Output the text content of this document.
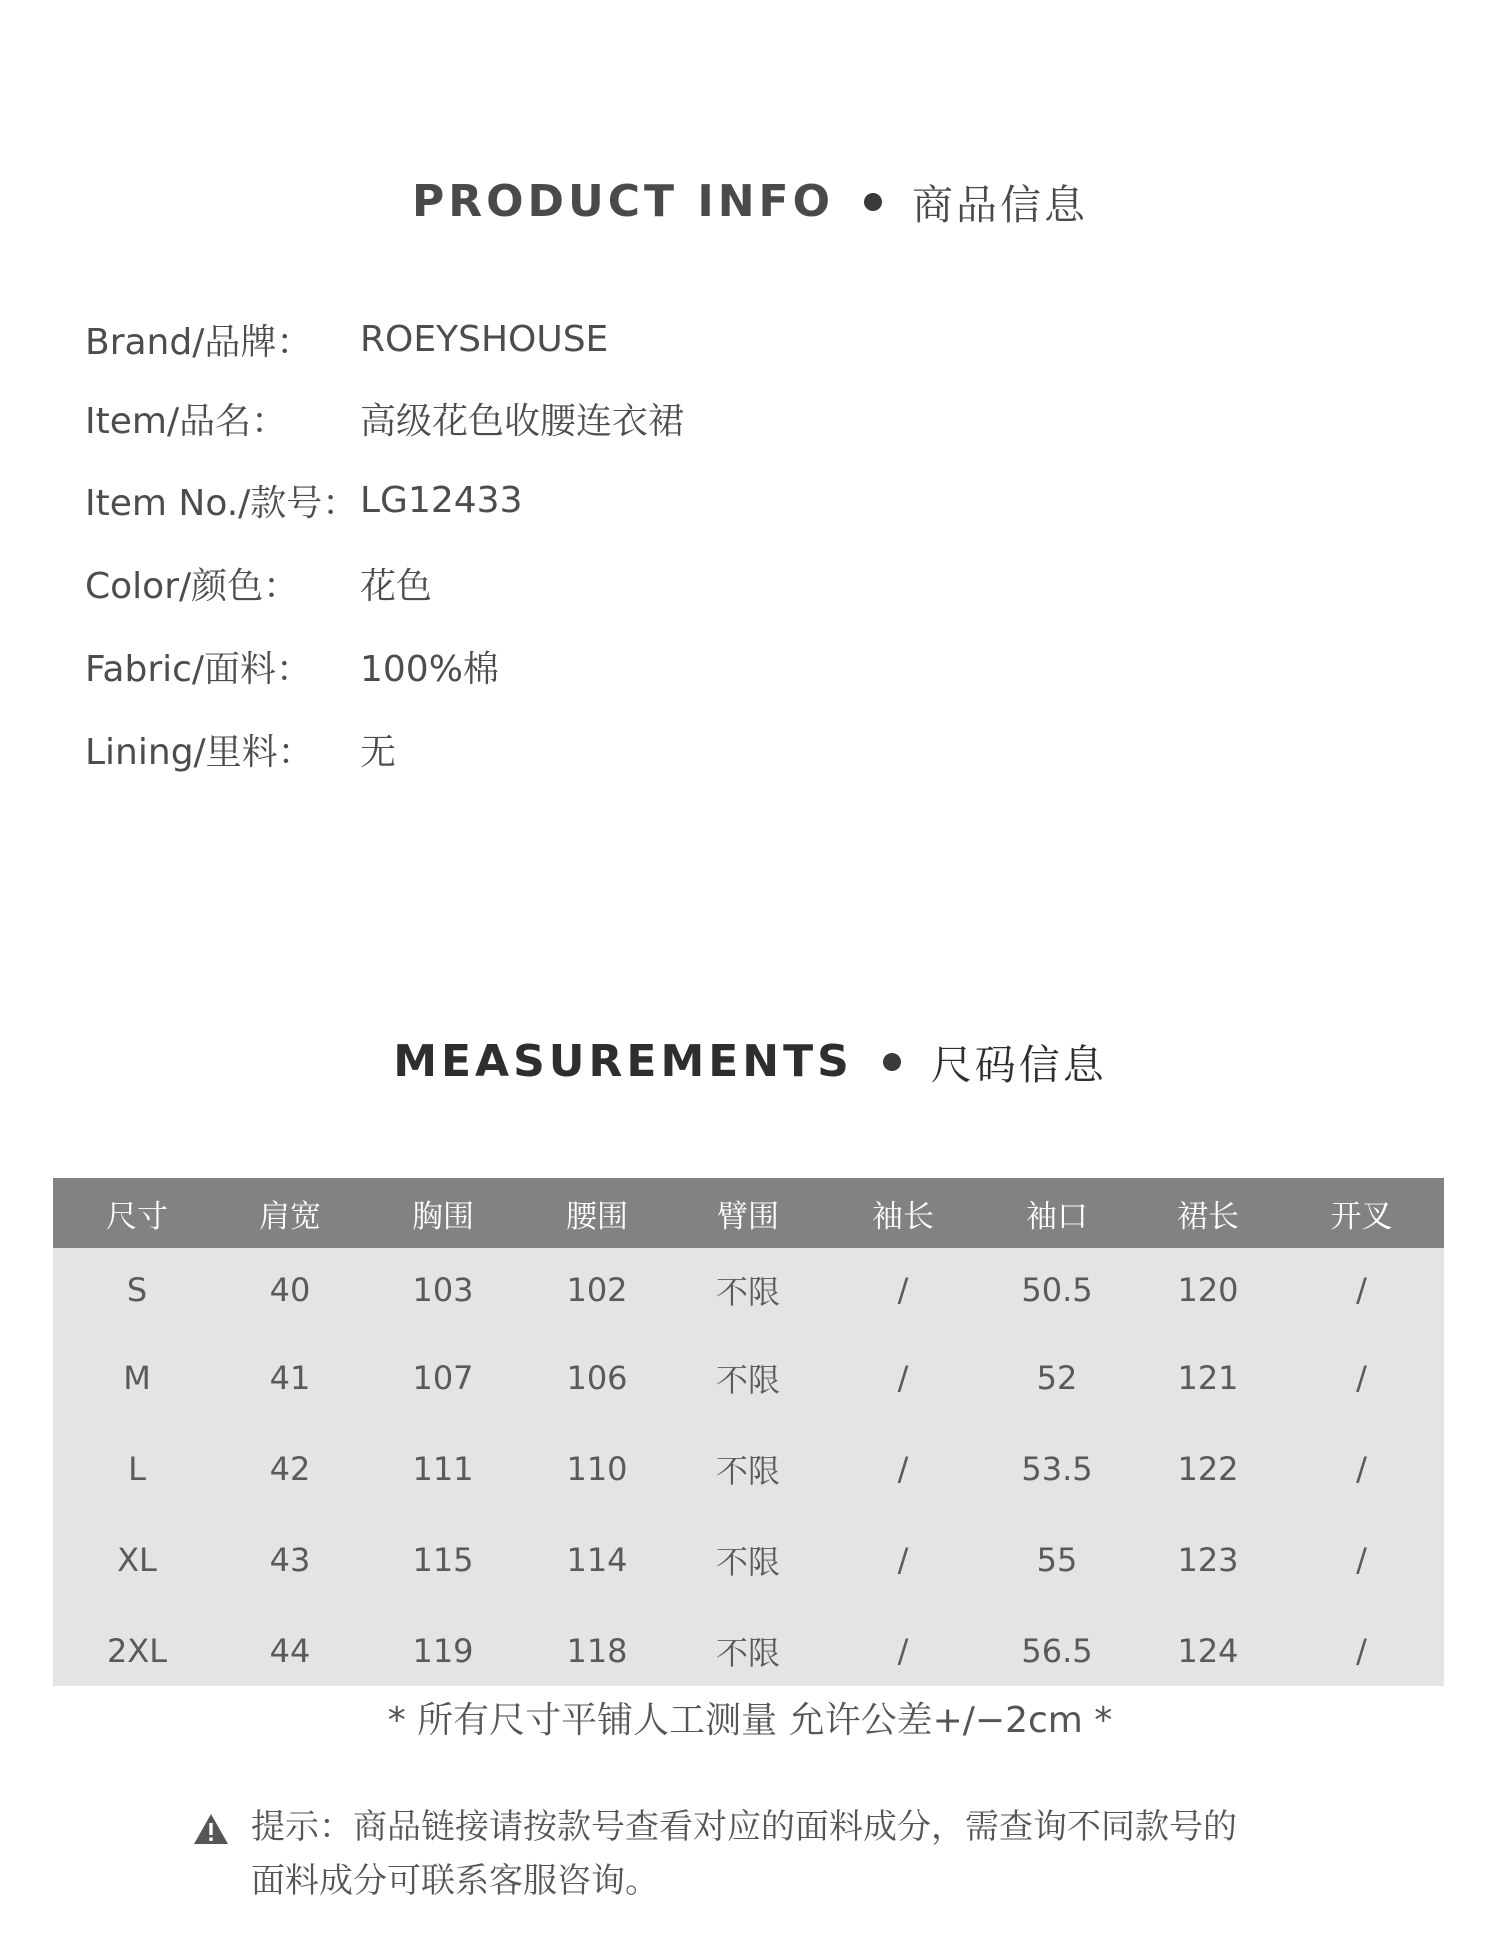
PRODUCT INFO 商品信息
Brand/品牌：	ROEYSHOUSE
Item/品名：	高级花色收腰连衣裙
Item No./款号： LG12433
Color/颜色：	花色
Fabric/面料：	100%棉
Lining/里料：	无
MEASUREMENTS 尺码信息
尺寸	肩宽	胸围	腰围	臂围	袖长	袖口	裙长	开叉
S	40	103	102	不限	/	50.5	120	/
M	41	107	106	不限	/	52	121	/
L	42	111	110	不限	/	53.5	122	/
XL	43	115	114	不限	/	55	123	/
2XL	44	119	118	不限	/	56.5	124	/
* 所有尺寸平铺人工测量 允许公差+/−2cm *
提示：商品链接请按款号查看对应的面料成分，需查询不同款号的
面料成分可联系客服咨询。
